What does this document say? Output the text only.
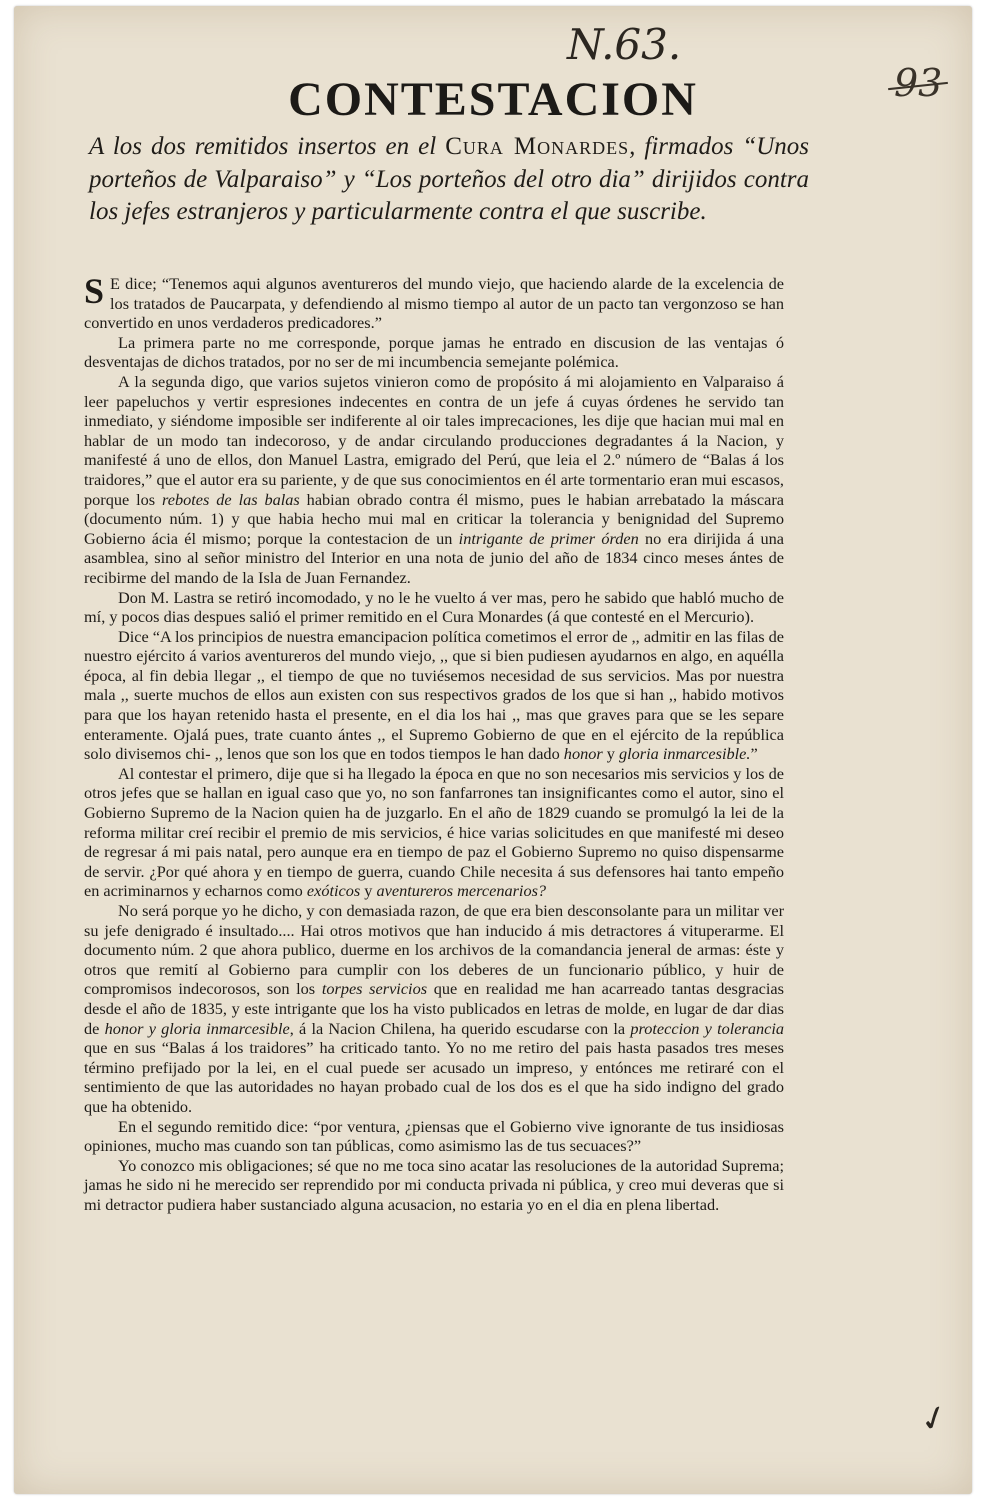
N.63.
93
CONTESTACION
A los dos remitidos insertos en el Cura Monardes, firmados “Unos porteños de Valparaiso” y “Los porteños del otro dia” dirijidos contra los jefes estranjeros y particularmente contra el que suscribe.

S E dice; “Tenemos aqui algunos aventureros del mundo viejo, que haciendo alarde de la excelencia de los tratados de Paucarpata, y defendiendo al mismo tiempo al autor de un pacto tan vergonzoso se han convertido en unos verdaderos predicadores.”

La primera parte no me corresponde, porque jamas he entrado en discusion de las ventajas ó desventajas de dichos tratados, por no ser de mi incumbencia semejante polémica.

A la segunda digo, que varios sujetos vinieron como de propósito á mi alojamiento en Valparaiso á leer papeluchos y vertir espresiones indecentes en contra de un jefe á cuyas órdenes he servido tan inmediato, y siéndome imposible ser indiferente al oir tales imprecaciones, les dije que hacian mui mal en hablar de un modo tan indecoroso, y de andar circulando producciones degradantes á la Nacion, y manifesté á uno de ellos, don Manuel Lastra, emigrado del Perú, que leia el 2.º número de “Balas á los traidores,” que el autor era su pariente, y de que sus conocimientos en él arte tormentario eran mui escasos, porque los rebotes de las balas habian obrado contra él mismo, pues le habian arrebatado la máscara (documento núm. 1) y que habia hecho mui mal en criticar la tolerancia y benignidad del Supremo Gobierno ácia él mismo; porque la contestacion de un intrigante de primer órden no era dirijida á una asamblea, sino al señor ministro del Interior en una nota de junio del año de 1834 cinco meses ántes de recibirme del mando de la Isla de Juan Fernandez.

Don M. Lastra se retiró incomodado, y no le he vuelto á ver mas, pero he sabido que habló mucho de mí, y pocos dias despues salió el primer remitido en el Cura Monardes (á que contesté en el Mercurio).

Dice “A los principios de nuestra emancipacion política cometimos el error de ,, admitir en las filas de nuestro ejército á varios aventureros del mundo viejo, ,, que si bien pudiesen ayudarnos en algo, en aquélla época, al fin debia llegar ,, el tiempo de que no tuviésemos necesidad de sus servicios. Mas por nuestra mala ,, suerte muchos de ellos aun existen con sus respectivos grados de los que si han ,, habido motivos para que los hayan retenido hasta el presente, en el dia los hai ,, mas que graves para que se les separe enteramente. Ojalá pues, trate cuanto ántes ,, el Supremo Gobierno de que en el ejército de la república solo divisemos chi- ,, lenos que son los que en todos tiempos le han dado honor y gloria inmarcesible.”

Al contestar el primero, dije que si ha llegado la época en que no son necesarios mis servicios y los de otros jefes que se hallan en igual caso que yo, no son fanfarrones tan insignificantes como el autor, sino el Gobierno Supremo de la Nacion quien ha de juzgarlo. En el año de 1829 cuando se promulgó la lei de la reforma militar creí recibir el premio de mis servicios, é hice varias solicitudes en que manifesté mi deseo de regresar á mi pais natal, pero aunque era en tiempo de paz el Gobierno Supremo no quiso dispensarme de servir. ¿Por qué ahora y en tiempo de guerra, cuando Chile necesita á sus defensores hai tanto empeño en acriminarnos y echarnos como exóticos y aventureros mercenarios?

No será porque yo he dicho, y con demasiada razon, de que era bien desconsolante para un militar ver su jefe denigrado é insultado.... Hai otros motivos que han inducido á mis detractores á vituperarme. El documento núm. 2 que ahora publico, duerme en los archivos de la comandancia jeneral de armas: éste y otros que remití al Gobierno para cumplir con los deberes de un funcionario público, y huir de compromisos indecorosos, son los torpes servicios que en realidad me han acarreado tantas desgracias desde el año de 1835, y este intrigante que los ha visto publicados en letras de molde, en lugar de dar dias de honor y gloria inmarcesible, á la Nacion Chilena, ha querido escudarse con la proteccion y tolerancia que en sus “Balas á los traidores” ha criticado tanto. Yo no me retiro del pais hasta pasados tres meses término prefijado por la lei, en el cual puede ser acusado un impreso, y entónces me retiraré con el sentimiento de que las autoridades no hayan probado cual de los dos es el que ha sido indigno del grado que ha obtenido.

En el segundo remitido dice: “por ventura, ¿piensas que el Gobierno vive ignorante de tus insidiosas opiniones, mucho mas cuando son tan públicas, como asimismo las de tus secuaces?”

Yo conozco mis obligaciones; sé que no me toca sino acatar las resoluciones de la autoridad Suprema; jamas he sido ni he merecido ser reprendido por mi conducta privada ni pública, y creo mui deveras que si mi detractor pudiera haber sustanciado alguna acusacion, no estaria yo en el dia en plena libertad.

✓
